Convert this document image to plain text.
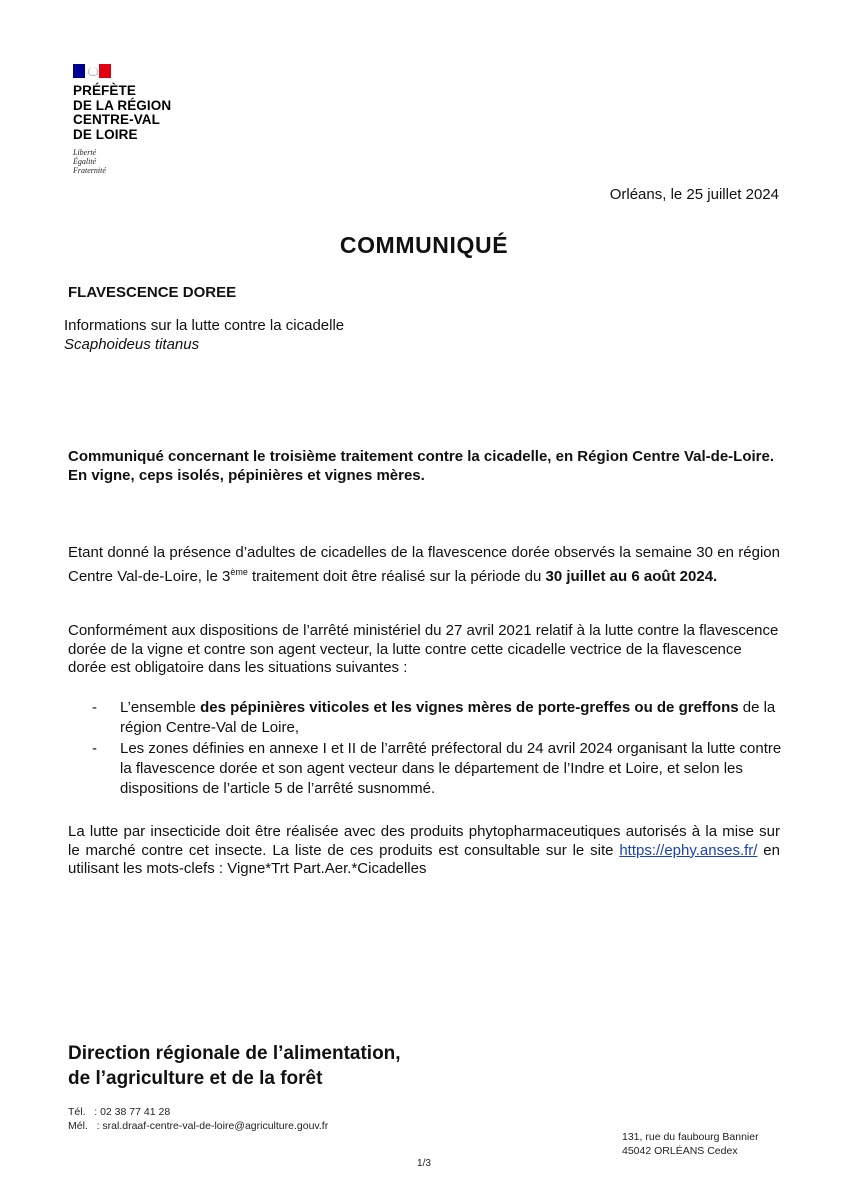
PRÉFÈTE
DE LA RÉGION
CENTRE-VAL
DE LOIRE
Liberté
Égalité
Fraternité
Orléans, le 25 juillet 2024
COMMUNIQUÉ
FLAVESCENCE DOREE
Informations sur la lutte contre la cicadelle
Scaphoideus titanus
Communiqué concernant le troisième traitement contre la cicadelle, en Région Centre Val-de-Loire. En vigne, ceps isolés, pépinières et vignes mères.
Etant donné la présence d’adultes de cicadelles de la flavescence dorée observés la semaine 30 en région Centre Val-de-Loire, le 3ème traitement doit être réalisé sur la période du 30 juillet au 6 août 2024.
Conformément aux dispositions de l’arrêté ministériel du 27 avril 2021 relatif à la lutte contre la flavescence dorée de la vigne et contre son agent vecteur, la lutte contre cette cicadelle vectrice de la flavescence dorée est obligatoire dans les situations suivantes :
-	L’ensemble des pépinières viticoles et les vignes mères de porte-greffes ou de greffons de la région Centre-Val de Loire,
-	Les zones définies en annexe I et II de l’arrêté préfectoral du 24 avril 2024 organisant la lutte contre la flavescence dorée et son agent vecteur dans le département de l’Indre et Loire, et selon les dispositions de l’article 5 de l’arrêté susnommé.
La lutte par insecticide doit être réalisée avec des produits phytopharmaceutiques autorisés à la mise sur le marché contre cet insecte. La liste de ces produits est consultable sur le site https://ephy.anses.fr/ en utilisant les mots-clefs : Vigne*Trt Part.Aer.*Cicadelles
Direction régionale de l’alimentation,
de l’agriculture et de la forêt
Tél.   : 02 38 77 41 28
Mél.   : sral.draaf-centre-val-de-loire@agriculture.gouv.fr
131, rue du faubourg Bannier
45042 ORLÉANS Cedex
1/3
